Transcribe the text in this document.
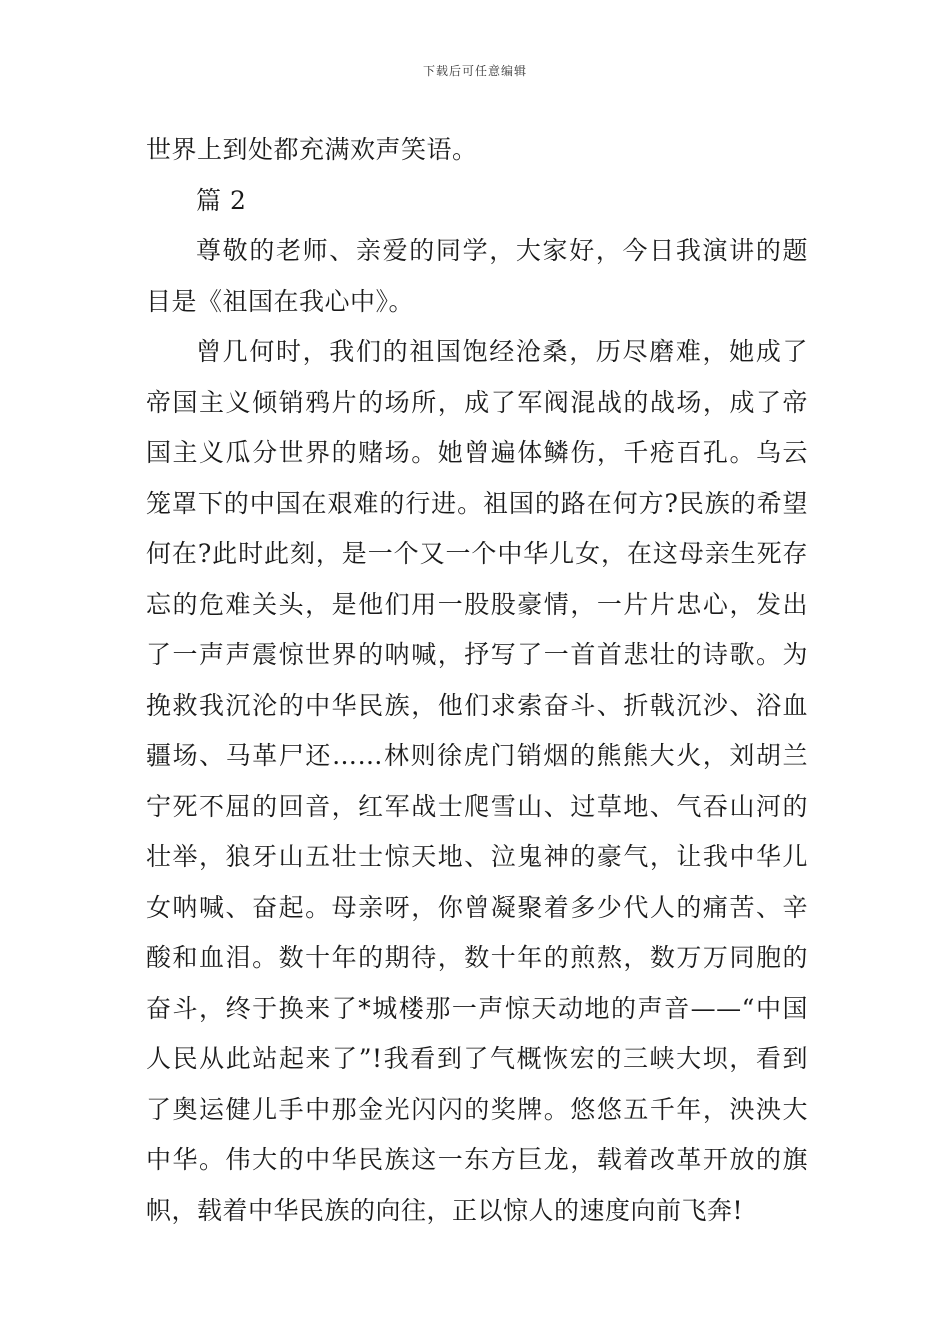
下载后可任意编辑
世界上到处都充满欢声笑语。
篇 2
尊敬的老师、亲爱的同学，大家好，今日我演讲的题
目是《祖国在我心中》。
曾几何时，我们的祖国饱经沧桑，历尽磨难，她成了
帝国主义倾销鸦片的场所，成了军阀混战的战场，成了帝
国主义瓜分世界的赌场。她曾遍体鳞伤，千疮百孔。乌云
笼罩下的中国在艰难的行进。祖国的路在何方?民族的希望
何在?此时此刻，是一个又一个中华儿女，在这母亲生死存
忘的危难关头，是他们用一股股豪情，一片片忠心，发出
了一声声震惊世界的呐喊，抒写了一首首悲壮的诗歌。为
挽救我沉沦的中华民族，他们求索奋斗、折戟沉沙、浴血
疆场、马革尸还……林则徐虎门销烟的熊熊大火，刘胡兰
宁死不屈的回音，红军战士爬雪山、过草地、气吞山河的
壮举，狼牙山五壮士惊天地、泣鬼神的豪气，让我中华儿
女呐喊、奋起。母亲呀，你曾凝聚着多少代人的痛苦、辛
酸和血泪。数十年的期待，数十年的煎熬，数万万同胞的
奋斗，终于换来了*城楼那一声惊天动地的声音——“中国
人民从此站起来了”!我看到了气概恢宏的三峡大坝，看到
了奥运健儿手中那金光闪闪的奖牌。悠悠五千年，泱泱大
中华。伟大的中华民族这一东方巨龙，载着改革开放的旗
帜，载着中华民族的向往，正以惊人的速度向前飞奔!
